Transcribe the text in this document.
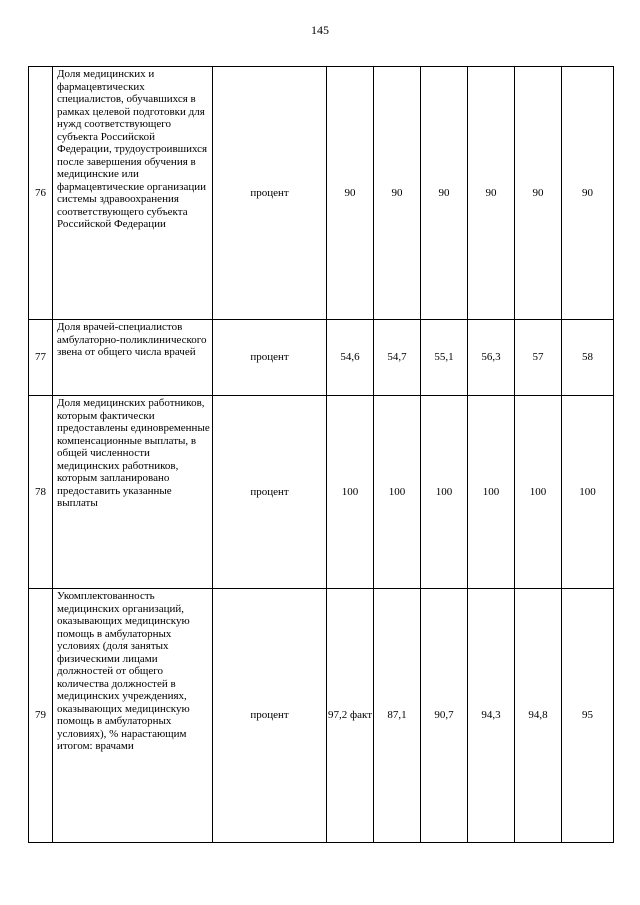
145
76	Доля медицинских и фармацевтических специалистов, обучавшихся в рамках целевой подготовки для нужд соответствующего субъекта Российской Федерации, трудоустроившихся после завершения обучения в медицинские или фармацевтические организации системы здравоохранения соответствующего субъекта Российской Федерации	процент	90	90	90	90	90	90
77	Доля врачей-специалистов амбулаторно-поликлинического звена от общего числа врачей	процент	54,6	54,7	55,1	56,3	57	58
78	Доля медицинских работников, которым фактически предоставлены единовременные компенсационные выплаты, в общей численности медицинских работников, которым запланировано предоставить указанные выплаты	процент	100	100	100	100	100	100
79	Укомплектованность медицинских организаций, оказывающих медицинскую помощь в амбулаторных условиях (доля занятых физическими лицами должностей от общего количества должностей в медицинских учреждениях, оказывающих медицинскую помощь в амбулаторных условиях), % нарастающим итогом: врачами	процент	97,2 факт	87,1	90,7	94,3	94,8	95
